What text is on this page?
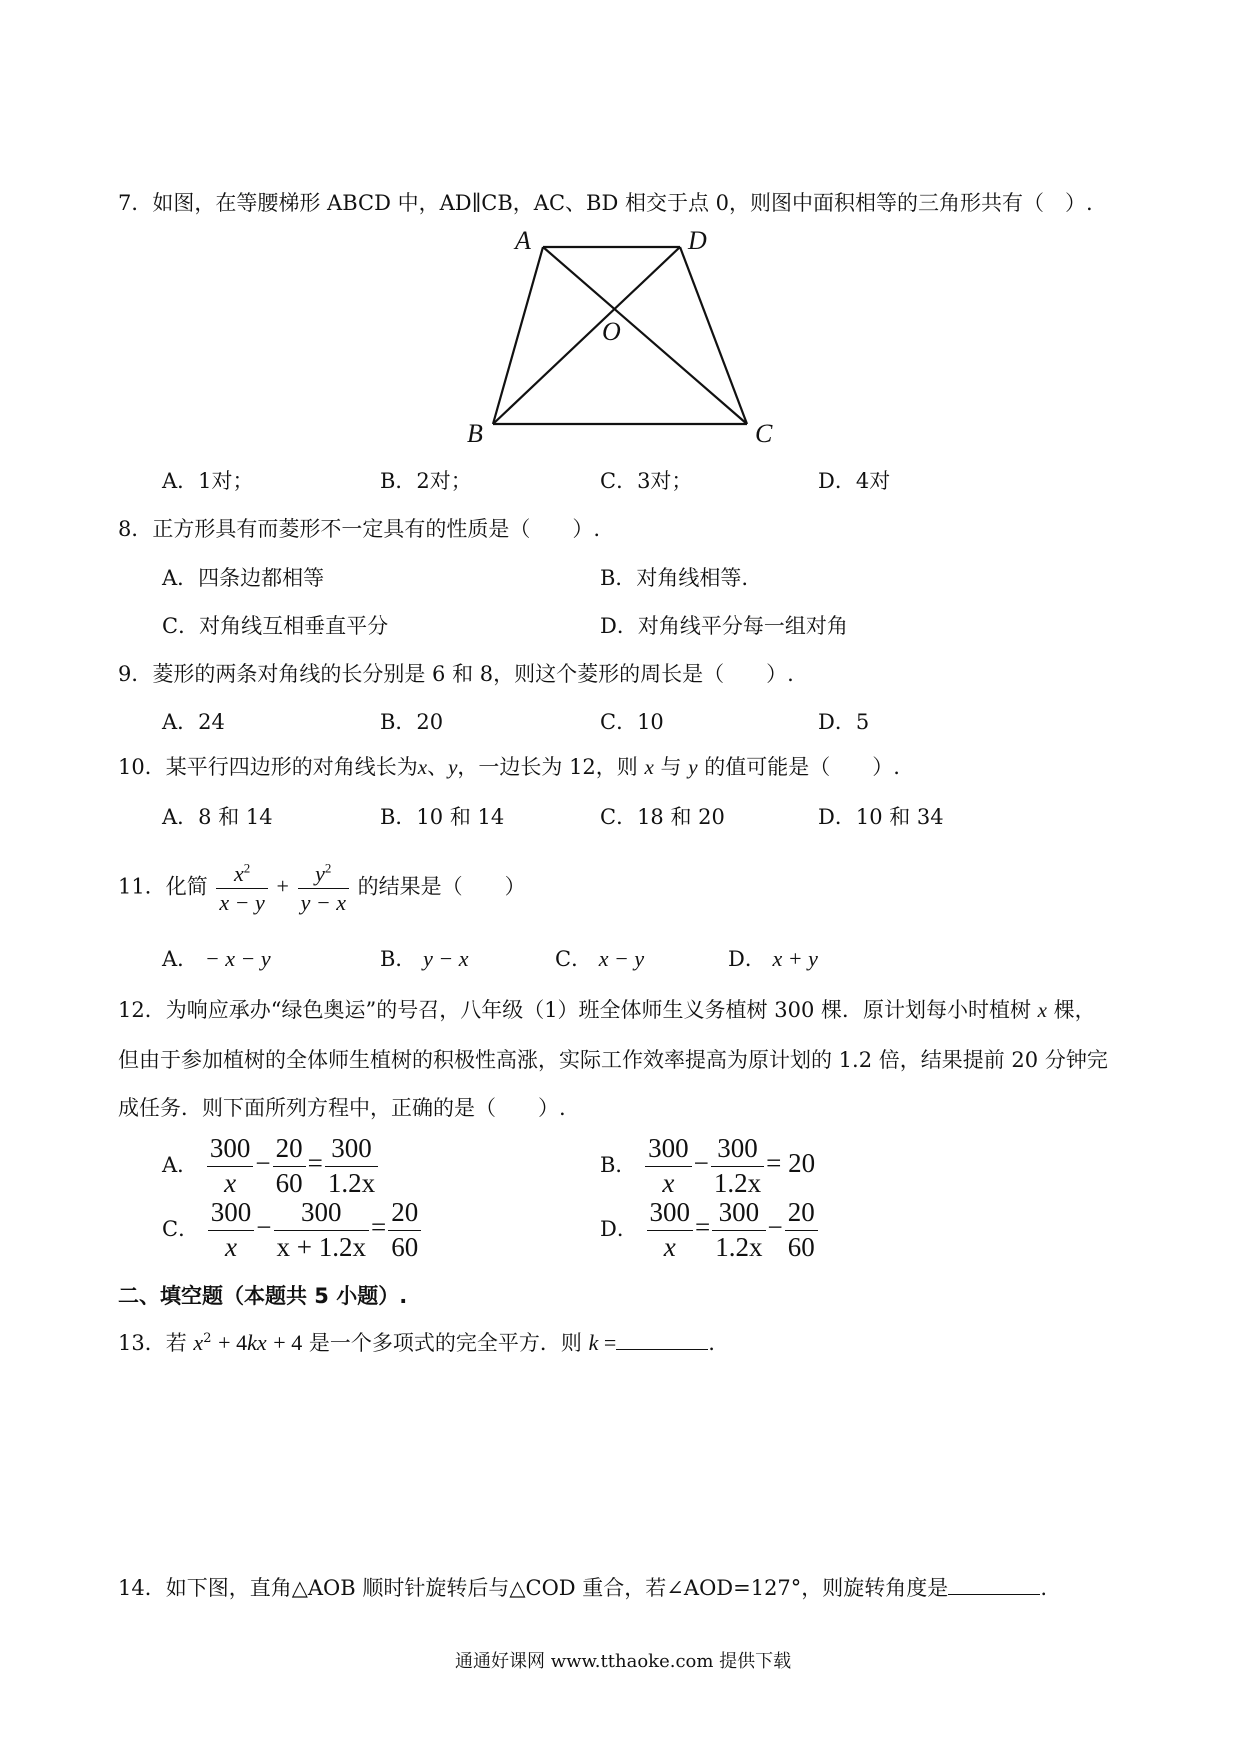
7．如图，在等腰梯形 ABCD 中，AD∥CB，AC、BD 相交于点 0，则图中面积相等的三角形共有（　）.
A	D
O
B	C
A．1对；	B．2对；	C．3对；	D．4对
8．正方形具有而菱形不一定具有的性质是（　　）.
A．四条边都相等	B．对角线相等.
C．对角线互相垂直平分	D．对角线平分每一组对角
9．菱形的两条对角线的长分别是 6 和 8，则这个菱形的周长是（　　）.
A．24	B．20	C．10	D．5
10．某平行四边形的对角线长为x、y，一边长为 12，则 x 与 y 的值可能是（　　）.
A．8 和 14	B．10 和 14	C．18 和 20	D．10 和 34
11．化简 $\frac{x^2}{x - y} + \frac{y^2}{y - x}$ 的结果是（　　）
A． − x − y	B． y − x	C． x − y	D． x + y
12．为响应承办“绿色奥运”的号召，八年级（1）班全体师生义务植树 300 棵．原计划每小时植树 x 棵，
但由于参加植树的全体师生植树的积极性高涨，实际工作效率提高为原计划的 1.2 倍，结果提前 20 分钟完
成任务．则下面所列方程中，正确的是（　　）.
A． $\frac{300}{x} - \frac{20}{60} = \frac{300}{1.2x}$	B． $\frac{300}{x} - \frac{300}{1.2x} = 20$
C． $\frac{300}{x} - \frac{300}{x + 1.2x} = \frac{20}{60}$	D． $\frac{300}{x} = \frac{300}{1.2x} - \frac{20}{60}$
二、填空题（本题共 5 小题）.
13．若 $x^2 + 4kx + 4$ 是一个多项式的完全平方．则 k =	.
14．如下图，直角△AOB 顺时针旋转后与△COD 重合，若∠AOD=127°，则旋转角度是	.
通通好课网 www.tthaoke.com 提供下载
